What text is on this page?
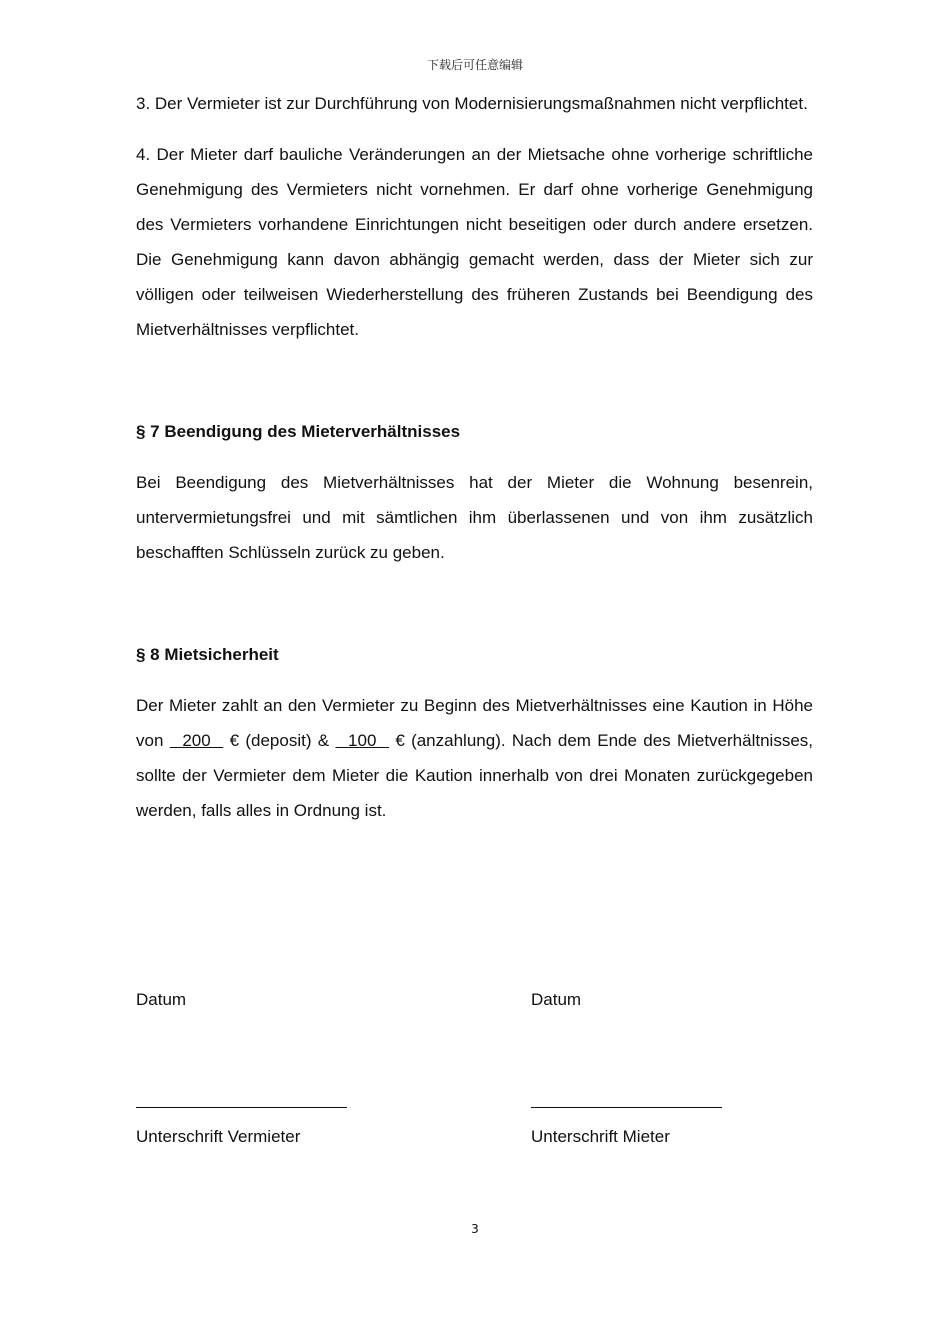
下载后可任意编辑

3. Der Vermieter ist zur Durchführung von Modernisierungsmaßnahmen nicht verpflichtet.

4. Der Mieter darf bauliche Veränderungen an der Mietsache ohne vorherige schriftliche Genehmigung des Vermieters nicht vornehmen. Er darf ohne vorherige Genehmigung des Vermieters vorhandene Einrichtungen nicht beseitigen oder durch andere ersetzen. Die Genehmigung kann davon abhängig gemacht werden, dass der Mieter sich zur völligen oder teilweisen Wiederherstellung des früheren Zustands bei Beendigung des Mietverhältnisses verpflichtet.

§ 7 Beendigung des Mieterverhältnisses

Bei Beendigung des Mietverhältnisses hat der Mieter die Wohnung besenrein, untervermietungsfrei und mit sämtlichen ihm überlassenen und von ihm zusätzlich beschafften Schlüsseln zurück zu geben.

§ 8 Mietsicherheit

Der Mieter zahlt an den Vermieter zu Beginn des Mietverhältnisses eine Kaution in Höhe von   200   € (deposit) &   100   € (anzahlung). Nach dem Ende des Mietverhältnisses, sollte der Vermieter dem Mieter die Kaution innerhalb von drei Monaten zurückgegeben werden, falls alles in Ordnung ist.

Datum
Unterschrift Vermieter
Datum
Unterschrift Mieter
3
